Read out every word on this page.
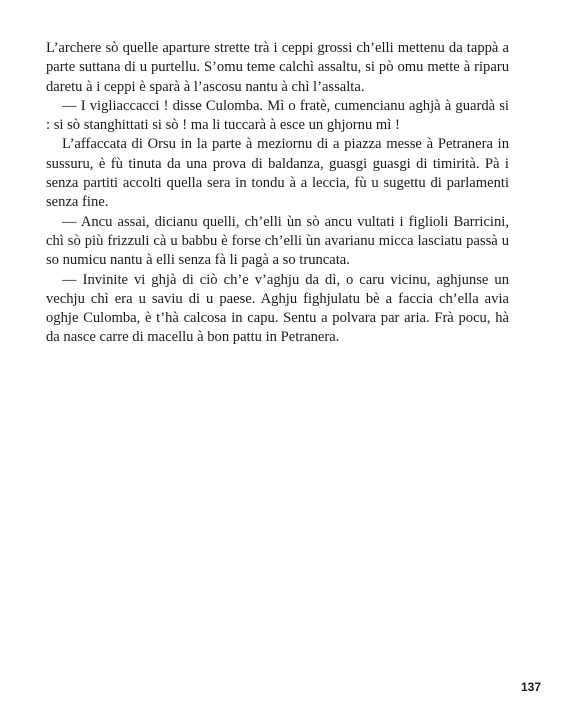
L’archere sò quelle aparture strette trà i ceppi grossi ch’elli mettenu da tappà a parte suttana di u purtellu. S’omu teme calchì assaltu, si pò omu mette à riparu daretu à i ceppi è sparà à l’ascosu nantu à chì l’assalta.

— I vigliaccacci ! disse Culomba. Mì o fratè, cumencianu aghjà à guardà si : si sò stanghittati si sò ! ma li tuccarà à esce un ghjornu mì !

L’affaccata di Orsu in la parte à meziornu di a piazza messe à Petranera in sussuru, è fù tinuta da una prova di baldanza, guasgi guasgi di timirità. Pà i senza partiti accolti quella sera in tondu à a leccia, fù u sugettu di parlamenti senza fine.

— Ancu assai, dicianu quelli, ch’elli ùn sò ancu vultati i figlioli Barricini, chì sò più frizzuli cà u babbu è forse ch’elli ùn avarianu micca lasciatu passà u so numicu nantu à elli senza fà li pagà a so truncata.

— Invinite vi ghjà di ciò ch’e v’aghju da dì, o caru vicinu, aghjunse un vechju chì era u saviu di u paese. Aghju fighjulatu bè a faccia ch’ella avia oghje Culomba, è t’hà calcosa in capu. Sentu a polvara par aria. Frà pocu, hà da nasce carre di macellu à bon pattu in Petranera.

137
